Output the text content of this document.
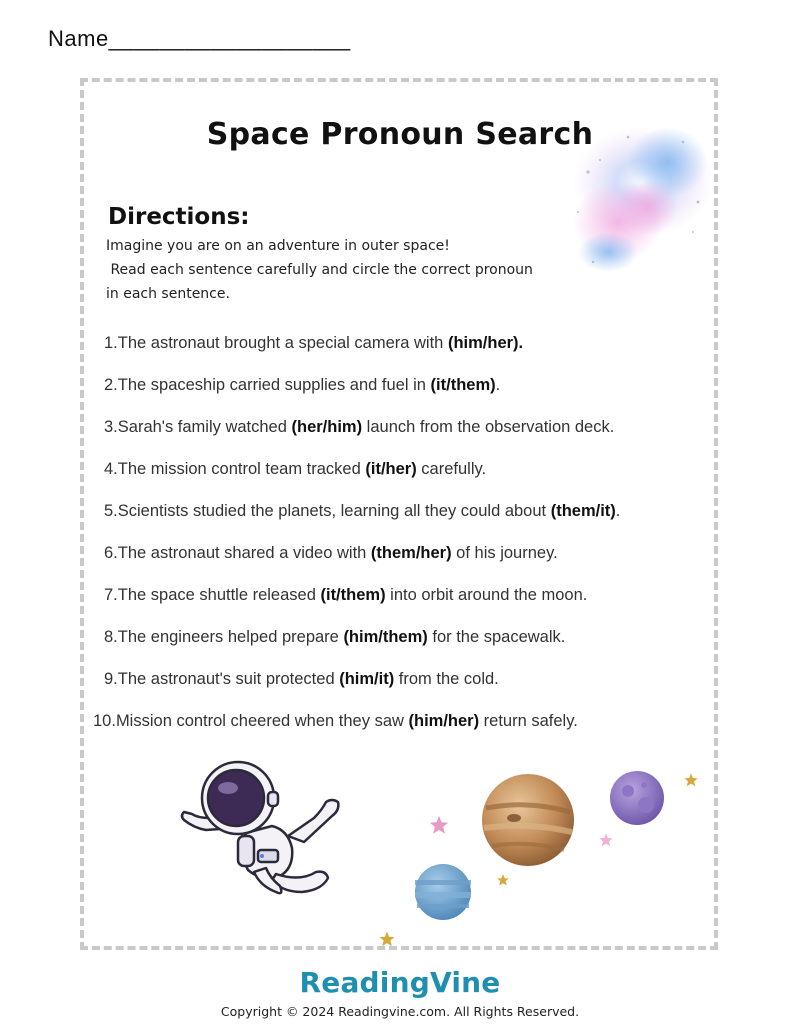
Name___________________
Space Pronoun Search
Directions:
Imagine you are on an adventure in outer space!
Read each sentence carefully and circle the correct pronoun
in each sentence.
1.The astronaut brought a special camera with (him/her).
2.The spaceship carried supplies and fuel in (it/them).
3.Sarah's family watched (her/him) launch from the observation deck.
4.The mission control team tracked (it/her) carefully.
5.Scientists studied the planets, learning all they could about (them/it).
6.The astronaut shared a video with (them/her) of his journey.
7.The space shuttle released (it/them) into orbit around the moon.
8.The engineers helped prepare (him/them) for the spacewalk.
9.The astronaut's suit protected (him/it) from the cold.
10.Mission control cheered when they saw (him/her) return safely.
ReadingVine
Copyright © 2024 Readingvine.com. All Rights Reserved.
